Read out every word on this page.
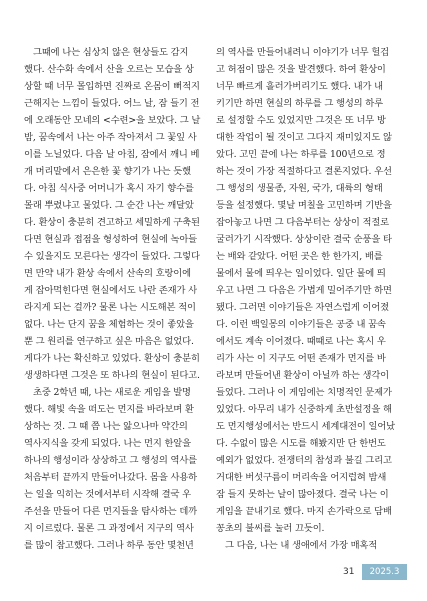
그때에 나는 심상치 않은 현상들도 감지
했다. 산수화 속에서 산을 오르는 모습을 상
상할 때 너무 몰입하면 진짜로 온몸이 뻐적지
근해지는 느낌이 들었다. 어느 날, 잠 들기 전
에 오래동안 모네의 <수련>을 보았다. 그 날
밤, 꿈속에서 나는 아주 작아져서 그 꽃잎 사
이를 노닐었다. 다음 날 아침, 잠에서 깨니 베
개 머리말에서 은은한 꽃 향기가 나는 듯했
다. 아침 식사중 어머니가 혹시 자기 향수를
몰래 뿌렸냐고 물었다. 그 순간 나는 깨달았
다. 환상이 충분히 견고하고 세밀하게 구축된
다면 현실과 접점을 형성하여 현실에 녹아들
수 있을지도 모른다는 생각이 들었다. 그렇다
면 만약 내가 환상 속에서 산속의 호랑이에
게 잡아먹힌다면 현실에서도 나란 존재가 사
라지게 되는 걸까? 물론 나는 시도해본 적이
없다. 나는 단지 꿈을 체험하는 것이 좋았을
뿐 그 원리를 연구하고 싶은 마음은 없었다.
게다가 나는 확신하고 있었다. 환상이 충분히
생생하다면 그것은 또 하나의 현실이 된다고.
초중 2학년 때, 나는 새로운 게임을 발명
했다. 해빛 속을 떠도는 먼지를 바라보며 환
상하는 것. 그 때 쯤 나는 앓으나마 약간의
역사지식을 갖게 되었다. 나는 먼지 한알을
하나의 행성이라 상상하고 그 행성의 역사를
처음부터 끝까지 만들어나갔다. 몸을 사용하
는 일을 익히는 것에서부터 시작해 결국 우
주선을 만들어 다른 먼지들을 탐사하는 데까
지 이르렀다. 물론 그 과정에서 지구의 역사
를 많이 참고했다. 그러나 하루 동안 몇천년
의 역사를 만들어내려니 이야기가 너무 헐겁
고 허점이 많은 것을 발견했다. 하여 환상이
너무 빠르게 흘러가버리기도 했다. 내가 내
키기만 하면 현실의 하루를 그 행성의 하루
로 설정할 수도 있었지만 그것은 또 너무 방
대한 작업이 될 것이고 그다지 재미있지도 않
았다. 고민 끝에 나는 하루를 100년으로 정
하는 것이 가장 적절하다고 결론지었다. 우선
그 행성의 생물종, 자원, 국가, 대륙의 형태
등을 설정했다. 몇날 며칠을 고민하며 기반을
잡아놓고 나면 그 다음부터는 상상이 적절로
굴러가기 시작했다. 상상이란 결국 순풍을 타
는 배와 같았다. 어떤 곳은 한 한가지, 배를
물에서 물에 띄우는 일이었다. 일단 물에 띄
우고 나면 그 다음은 가볍게 밀어주기만 하면
됐다. 그러면 이야기들은 자연스럽게 이어졌
다. 이런 백일몽의 이야기들은 공중 내 꿈속
에서도 계속 이어졌다. 때때로 나는 혹시 우
리가 사는 이 지구도 어떤 존재가 먼지를 바
라보며 만들어낸 환상이 아닐까 하는 생각이
들었다. 그러나 이 게임에는 치명적인 문제가
있었다. 아무리 내가 신중하게 초반설정을 해
도 먼지행성에서는 반드시 세계대전이 일어났
다. 수없이 많은 시도를 해봤지만 단 한번도
예외가 없었다. 전쟁터의 참성과 불길 그리고
거대한 버섯구름이 머리속을 어지럽혀 밤새
잠 들지 못하는 날이 많아졌다. 결국 나는 이
게임을 끝내기로 했다. 마지 손가락으로 담배
꽁초의 불씨를 눌러 끄듯이.
그 다음, 나는 내 생애에서 가장 매혹적
31	2025.3
